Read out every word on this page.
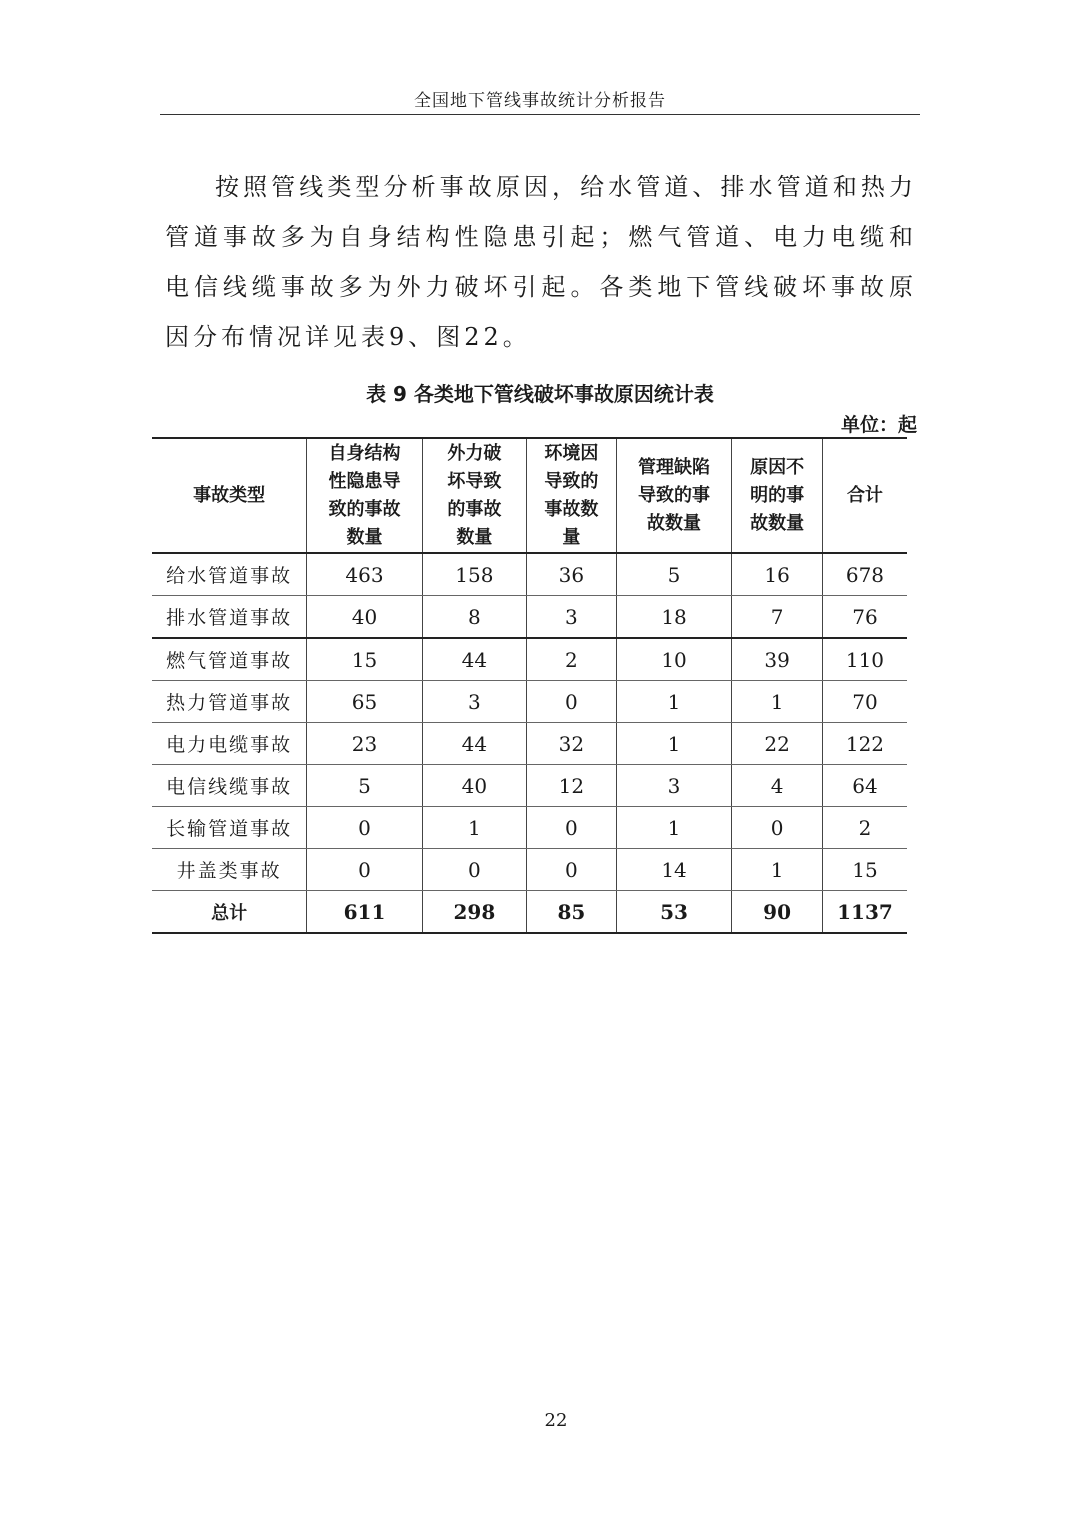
全国地下管线事故统计分析报告

按照管线类型分析事故原因，给水管道、排水管道和热力管道事故多为自身结构性隐患引起；燃气管道、电力电缆和电信线缆事故多为外力破坏引起。各类地下管线破坏事故原因分布情况详见表9、图22。

表 9 各类地下管线破坏事故原因统计表
单位：起
事故类型	自身结构性隐患导致的事故数量	外力破坏导致的事故数量	环境因导致的事故数量	管理缺陷导致的事故数量	原因不明的事故数量	合计
给水管道事故	463	158	36	5	16	678
排水管道事故	40	8	3	18	7	76
燃气管道事故	15	44	2	10	39	110
热力管道事故	65	3	0	1	1	70
电力电缆事故	23	44	32	1	22	122
电信线缆事故	5	40	12	3	4	64
长输管道事故	0	1	0	1	0	2
井盖类事故	0	0	0	14	1	15
总计	611	298	85	53	90	1137
22
